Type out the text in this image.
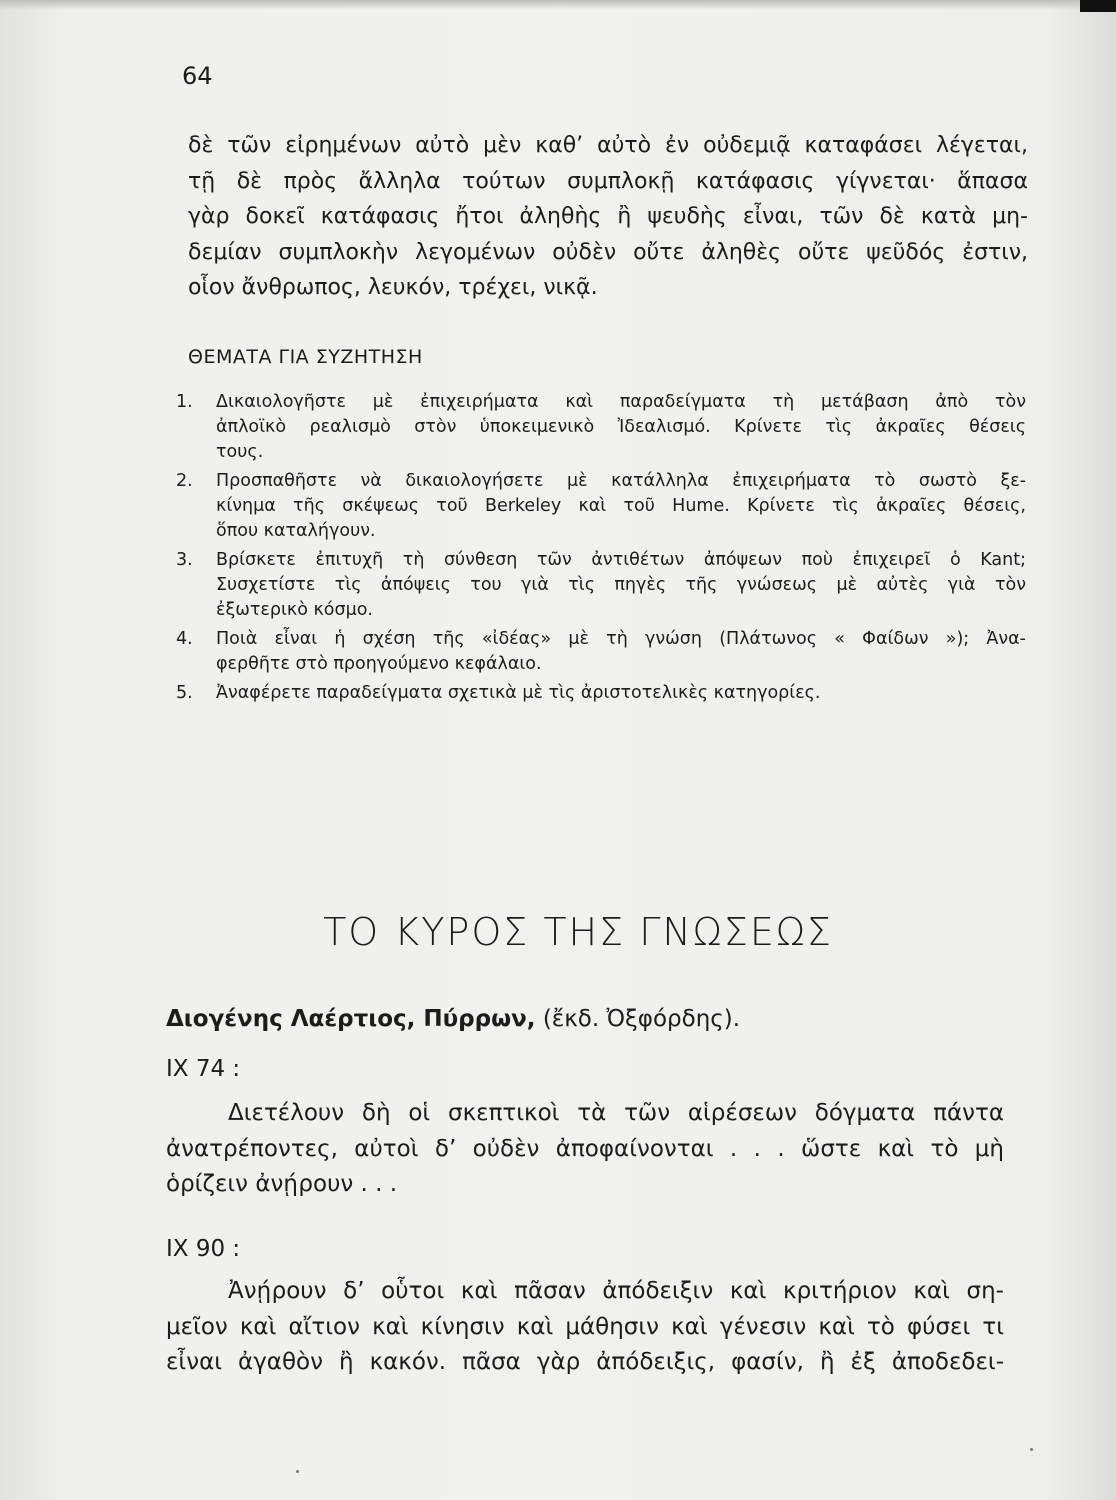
64
δὲ τῶν εἰρημένων αὐτὸ μὲν καθ’ αὐτὸ ἐν οὐδεμιᾷ καταφάσει λέγεται,
τῇ δὲ πρὸς ἄλληλα τούτων συμπλοκῇ κατάφασις γίγνεται· ἅπασα
γὰρ δοκεῖ κατάφασις ἤτοι ἀληθὴς ἢ ψευδὴς εἶναι, τῶν δὲ κατὰ μη-
δεμίαν συμπλοκὴν λεγομένων οὐδὲν οὔτε ἀληθὲς οὔτε ψεῦδός ἐστιν,
οἷον ἄνθρωπος, λευκόν, τρέχει, νικᾷ.
ΘΕΜΑΤΑ ΓΙΑ ΣΥΖΗΤΗΣΗ
1.	Δικαιολογῆστε μὲ ἐπιχειρήματα καὶ παραδείγματα τὴ μετάβαση ἀπὸ τὸν
ἀπλοϊκὸ ρεαλισμὸ στὸν ὑποκειμενικὸ Ἰδεαλισμό. Κρίνετε τὶς ἀκραῖες θέσεις
τους.
2.	Προσπαθῆστε νὰ δικαιολογήσετε μὲ κατάλληλα ἐπιχειρήματα τὸ σωστὸ ξε-
κίνημα τῆς σκέψεως τοῦ Berkeley καὶ τοῦ Hume. Κρίνετε τὶς ἀκραῖες θέσεις,
ὅπου καταλήγουν.
3.	Βρίσκετε ἐπιτυχῆ τὴ σύνθεση τῶν ἀντιθέτων ἀπόψεων ποὺ ἐπιχειρεῖ ὁ Kant;
Συσχετίστε τὶς ἀπόψεις του γιὰ τὶς πηγὲς τῆς γνώσεως μὲ αὐτὲς γιὰ τὸν
ἐξωτερικὸ κόσμο.
4.	Ποιὰ εἶναι ἡ σχέση τῆς «ἰδέας» μὲ τὴ γνώση (Πλάτωνος « Φαίδων »); Ἀνα-
φερθῆτε στὸ προηγούμενο κεφάλαιο.
5.	Ἀναφέρετε παραδείγματα σχετικὰ μὲ τὶς ἀριστοτελικὲς κατηγορίες.
ΤΟ ΚΥΡΟΣ ΤΗΣ ΓΝΩΣΕΩΣ
Διογένης Λαέρτιος, Πύρρων, (ἔκδ. Ὀξφόρδης).
IX 74 :
Διετέλουν δὴ οἱ σκεπτικοὶ τὰ τῶν αἱρέσεων δόγματα πάντα
ἀνατρέποντες, αὐτοὶ δ’ οὐδὲν ἀποφαίνονται . . . ὥστε καὶ τὸ μὴ
ὁρίζειν ἀνῄρουν . . .
IX 90 :
Ἀνῄρουν δ’ οὗτοι καὶ πᾶσαν ἀπόδειξιν καὶ κριτήριον καὶ ση-
μεῖον καὶ αἴτιον καὶ κίνησιν καὶ μάθησιν καὶ γένεσιν καὶ τὸ φύσει τι
εἶναι ἀγαθὸν ἢ κακόν. πᾶσα γὰρ ἀπόδειξις, φασίν, ἢ ἐξ ἀποδεδει-
